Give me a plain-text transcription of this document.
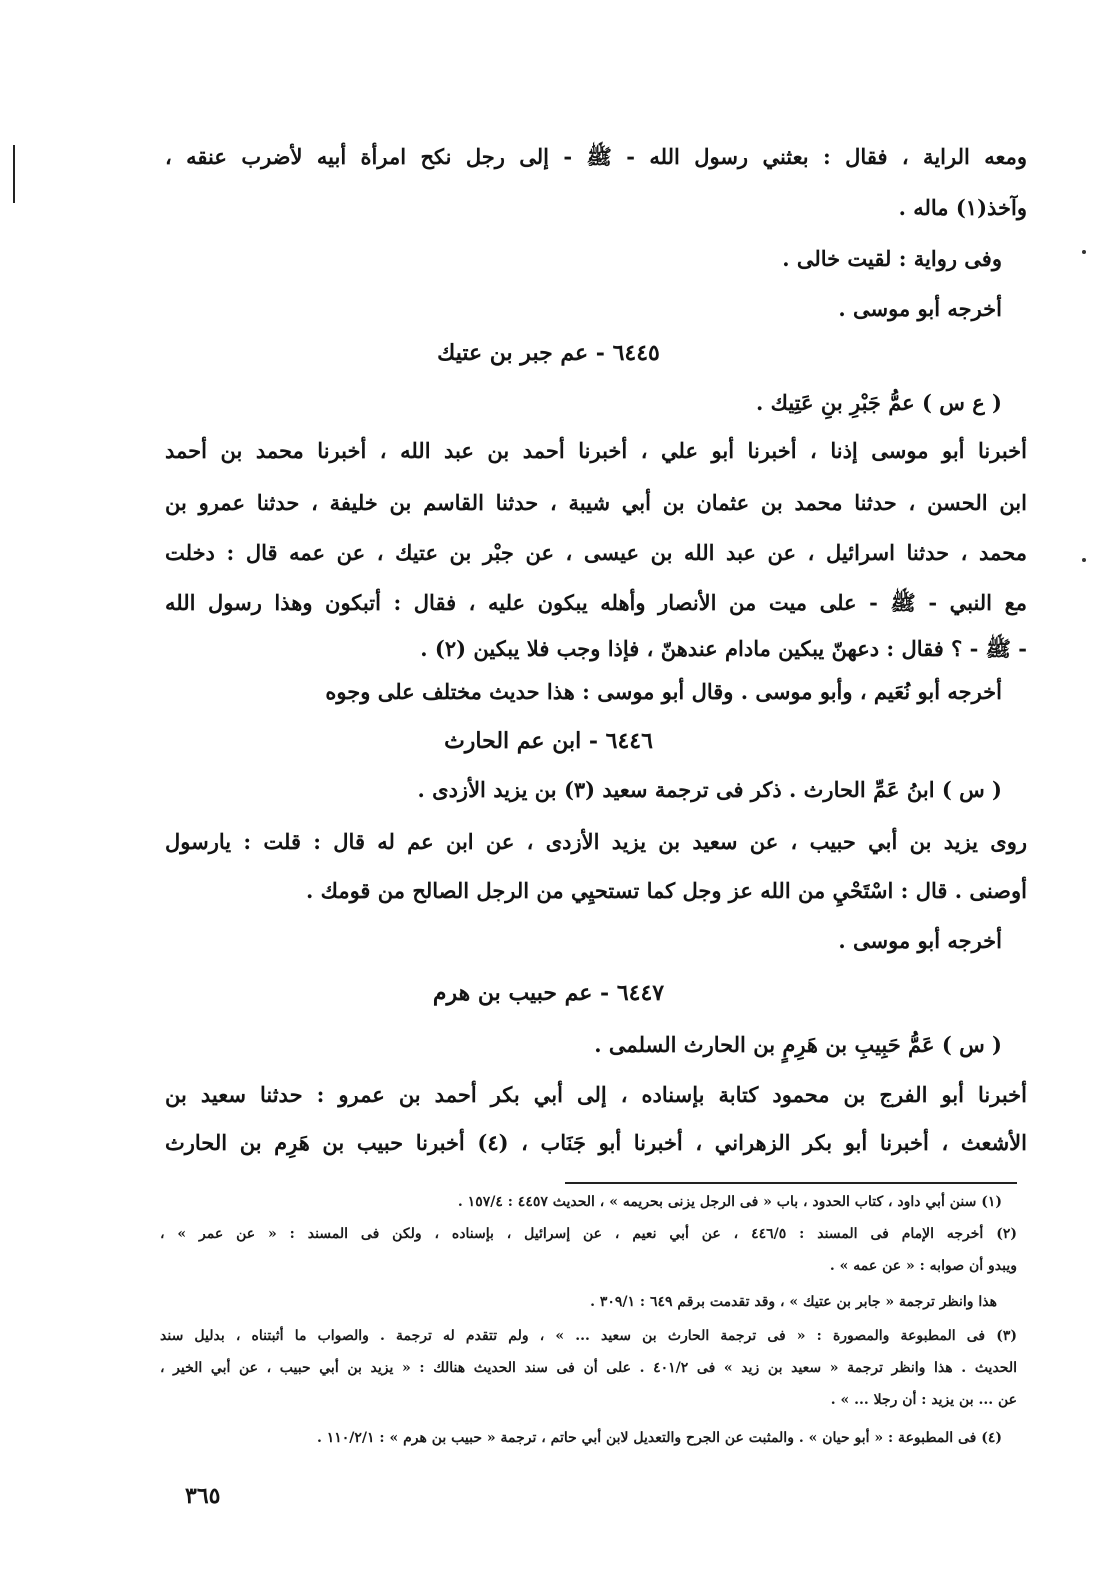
ومعه الراية ، فقال : بعثني رسول الله - ﷺ - إلى رجل نكح امرأة أبيه لأضرب عنقه ،
وآخذ(١) ماله .
وفى رواية : لقيت خالى .
أخرجه أبو موسى .
٦٤٤٥ - عم جبر بن عتيك
( ع س ) عمُّ جَبْرِ بنِ عَتِيك .
أخبرنا أبو موسى إذنا ، أخبرنا أبو علي ، أخبرنا أحمد بن عبد الله ، أخبرنا محمد بن أحمد
ابن الحسن ، حدثنا محمد بن عثمان بن أبي شيبة ، حدثنا القاسم بن خليفة ، حدثنا عمرو بن
محمد ، حدثنا اسرائيل ، عن عبد الله بن عيسى ، عن جبْر بن عتيك ، عن عمه قال : دخلت
مع النبي - ﷺ - على ميت من الأنصار وأهله يبكون عليه ، فقال : أتبكون وهذا رسول الله
- ﷺ - ؟ فقال : دعهنّ يبكين مادام عندهنّ ، فإذا وجب فلا يبكين (٢) .
أخرجه أبو نُعَيم ، وأبو موسى . وقال أبو موسى : هذا حديث مختلف على وجوه
٦٤٤٦ - ابن عم الحارث
( س ) ابنُ عَمِّ الحارث . ذكر فى ترجمة سعيد (٣) بن يزيد الأزدى .
روى يزيد بن أبي حبيب ، عن سعيد بن يزيد الأزدى ، عن ابن عم له قال : قلت : يارسول
أوصنى . قال : اسْتَحْيِ من الله عز وجل كما تستحيِي من الرجل الصالح من قومك .
أخرجه أبو موسى .
٦٤٤٧ - عم حبيب بن هرم
( س ) عَمُّ حَبِيبِ بن هَرِمٍ بن الحارث السلمى .
أخبرنا أبو الفرج بن محمود كتابة بإسناده ، إلى أبي بكر أحمد بن عمرو : حدثنا سعيد بن
الأشعث ، أخبرنا أبو بكر الزهراني ، أخبرنا أبو جَنَاب ، (٤) أخبرنا حبيب بن هَرِم بن الحارث
(١) سنن أبي داود ، كتاب الحدود ، باب « فى الرجل يزنى بحريمه » ، الحديث ٤٤٥٧ : ١٥٧/٤ .
(٢) أخرجه الإمام فى المسند : ٤٤٦/٥ ، عن أبي نعيم ، عن إسرائيل ، بإسناده ، ولكن فى المسند : « عن عمر » ،
ويبدو أن صوابه : « عن عمه » .
هذا وانظر ترجمة « جابر بن عتيك » ، وقد تقدمت برقم ٦٤٩ : ٣٠٩/١ .
(٣) فى المطبوعة والمصورة : « فى ترجمة الحارث بن سعيد ... » ، ولم تتقدم له ترجمة . والصواب ما أثبتناه ، بدليل سند
الحديث . هذا وانظر ترجمة « سعيد بن زيد » فى ٤٠١/٢ . على أن فى سند الحديث هنالك : « يزيد بن أبي حبيب ، عن أبي الخير ،
عن ... بن يزيد : أن رجلا ... » .
(٤) فى المطبوعة : « أبو حيان » . والمثبت عن الجرح والتعديل لابن أبي حاتم ، ترجمة « حبيب بن هرم » : ١١٠/٢/١ .
٣٦٥
